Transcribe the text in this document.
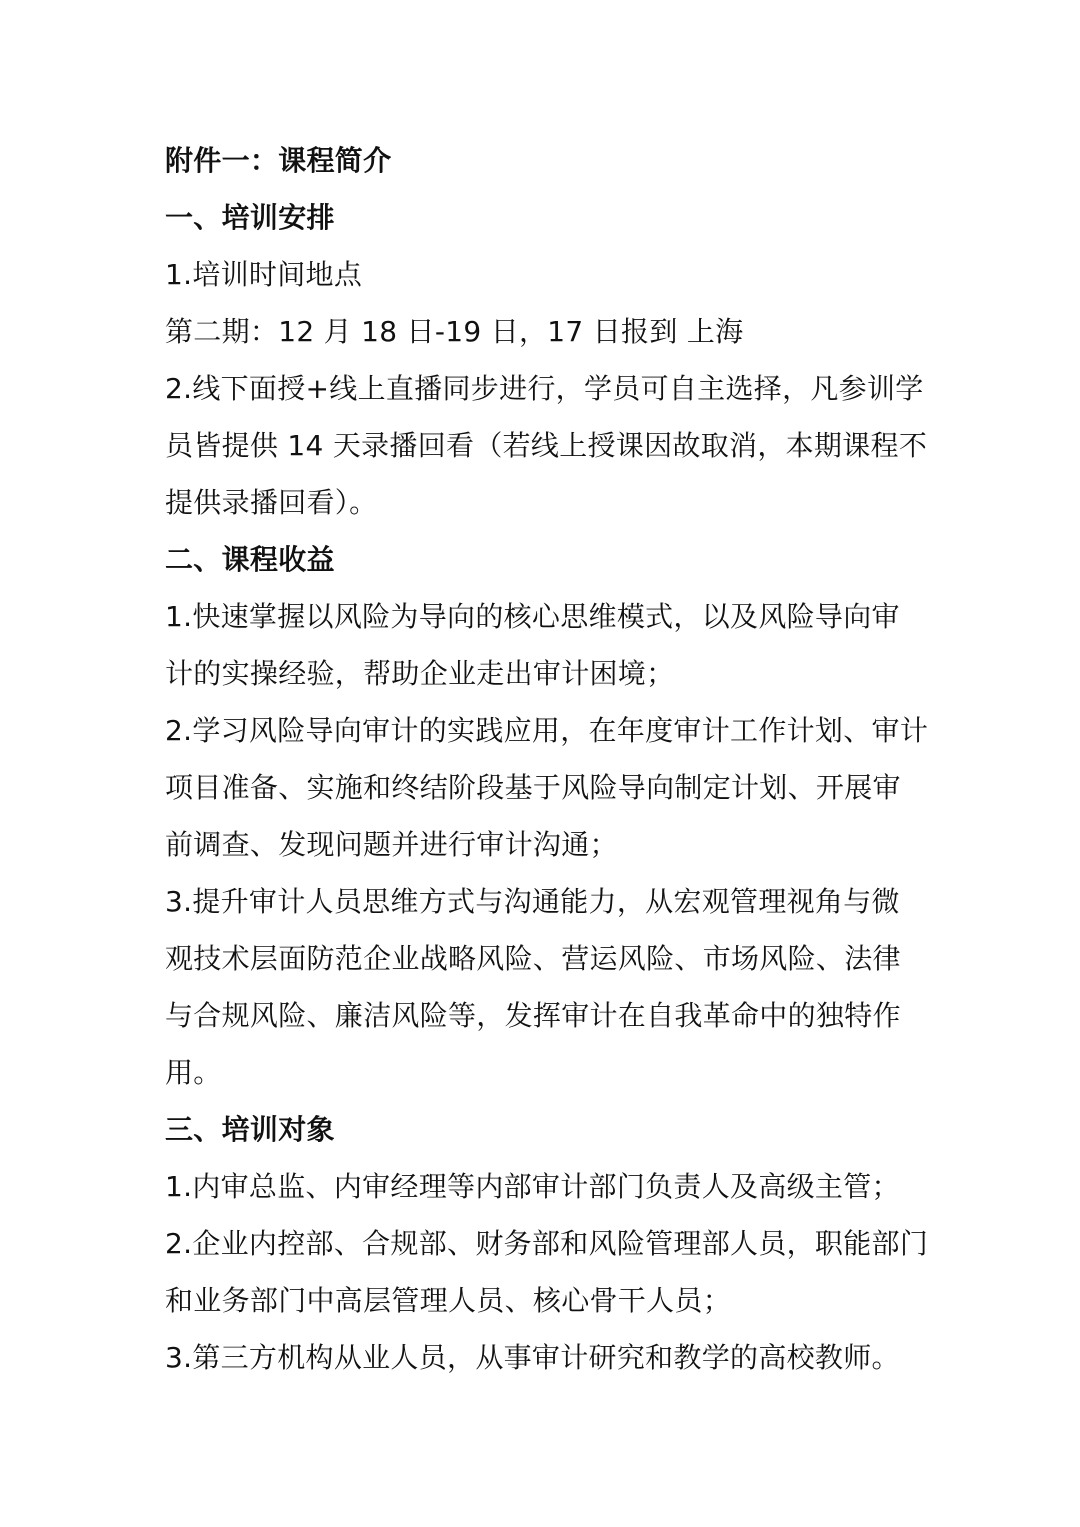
附件一：课程简介

一、培训安排

1.培训时间地点

第二期：12 月 18 日-19 日，17 日报到 上海

2.线下面授+线上直播同步进行，学员可自主选择，凡参训学

员皆提供 14 天录播回看（若线上授课因故取消，本期课程不

提供录播回看）。

二、课程收益

1.快速掌握以风险为导向的核心思维模式，以及风险导向审

计的实操经验，帮助企业走出审计困境；

2.学习风险导向审计的实践应用，在年度审计工作计划、审计

项目准备、实施和终结阶段基于风险导向制定计划、开展审

前调查、发现问题并进行审计沟通；

3.提升审计人员思维方式与沟通能力，从宏观管理视角与微

观技术层面防范企业战略风险、营运风险、市场风险、法律

与合规风险、廉洁风险等，发挥审计在自我革命中的独特作

用。

三、培训对象

1.内审总监、内审经理等内部审计部门负责人及高级主管；

2.企业内控部、合规部、财务部和风险管理部人员，职能部门

和业务部门中高层管理人员、核心骨干人员；

3.第三方机构从业人员，从事审计研究和教学的高校教师。
